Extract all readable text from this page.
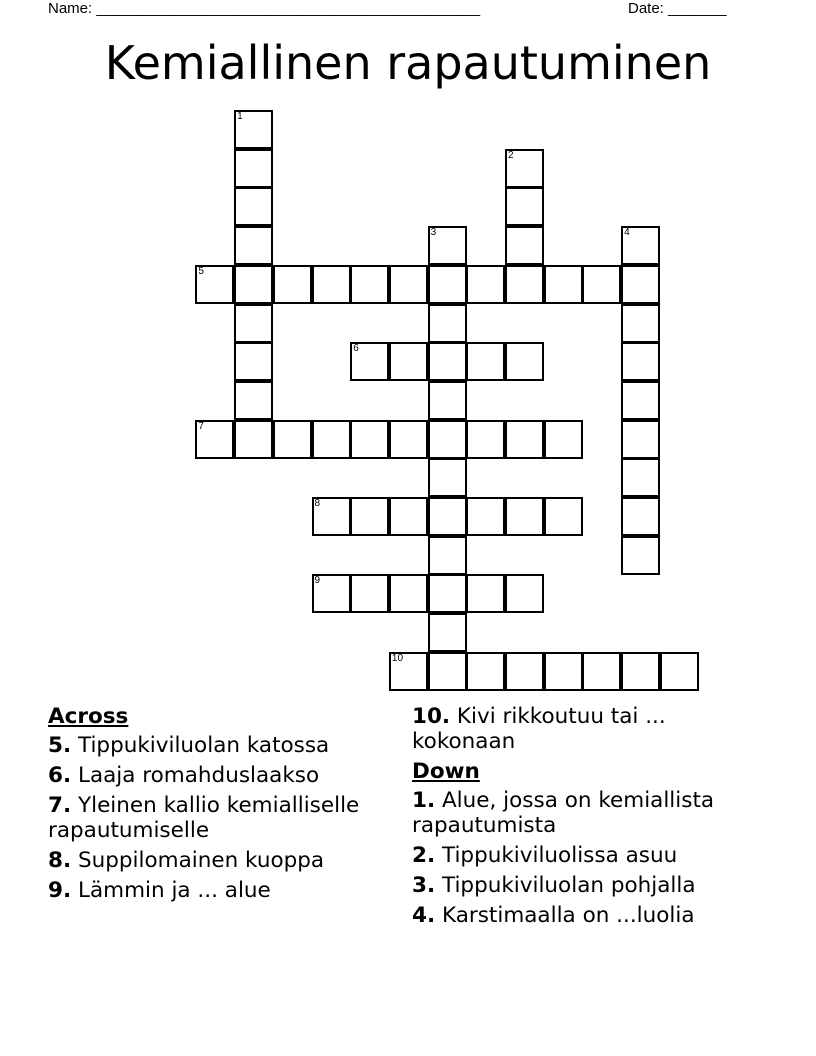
Name: ______________________________________________	Date: _______
Kemiallinen rapautuminen
1
2
3	4
5
6
7
8
9
10
Across
5. Tippukiviluolan katossa
6. Laaja romahduslaakso
7. Yleinen kallio kemialliselle rapautumiselle
8. Suppilomainen kuoppa
9. Lämmin ja ... alue
10. Kivi rikkoutuu tai ... kokonaan
Down
1. Alue, jossa on kemiallista rapautumista
2. Tippukiviluolissa asuu
3. Tippukiviluolan pohjalla
4. Karstimaalla on ...luolia
